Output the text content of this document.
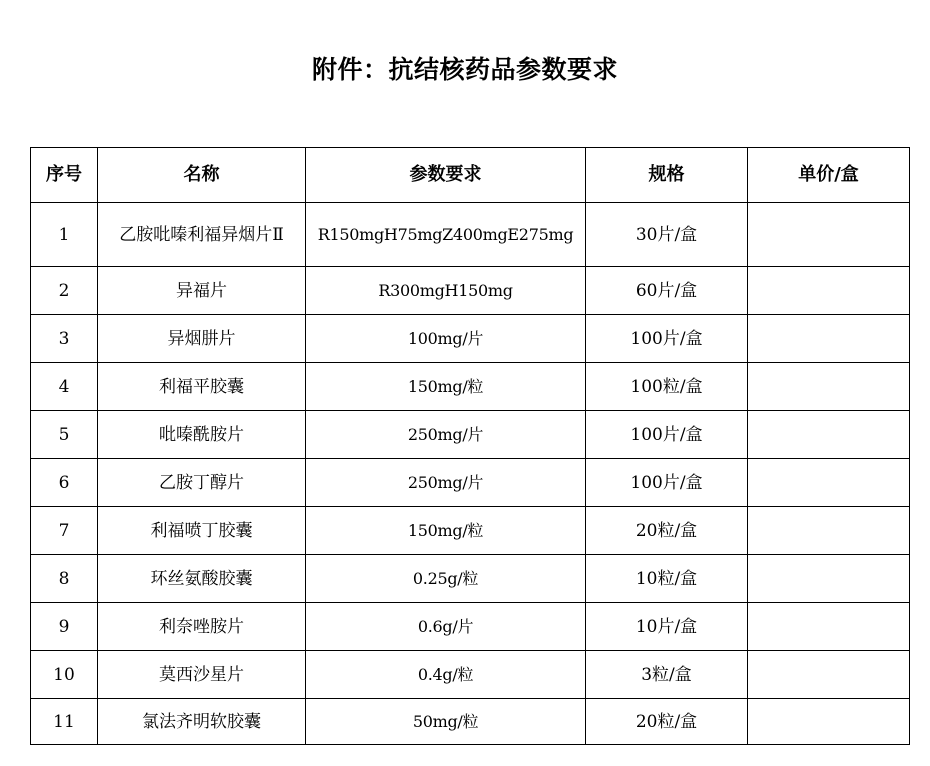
附件：抗结核药品参数要求
序号	名称	参数要求	规格	单价/盒
1	乙胺吡嗪利福异烟片Ⅱ	R150mgH75mgZ400mgE275mg	30片/盒	
2	异福片	R300mgH150mg	60片/盒	
3	异烟肼片	100mg/片	100片/盒	
4	利福平胶囊	150mg/粒	100粒/盒	
5	吡嗪酰胺片	250mg/片	100片/盒	
6	乙胺丁醇片	250mg/片	100片/盒	
7	利福喷丁胶囊	150mg/粒	20粒/盒	
8	环丝氨酸胶囊	0.25g/粒	10粒/盒	
9	利奈唑胺片	0.6g/片	10片/盒	
10	莫西沙星片	0.4g/粒	3粒/盒	
11	氯法齐明软胶囊	50mg/粒	20粒/盒	
